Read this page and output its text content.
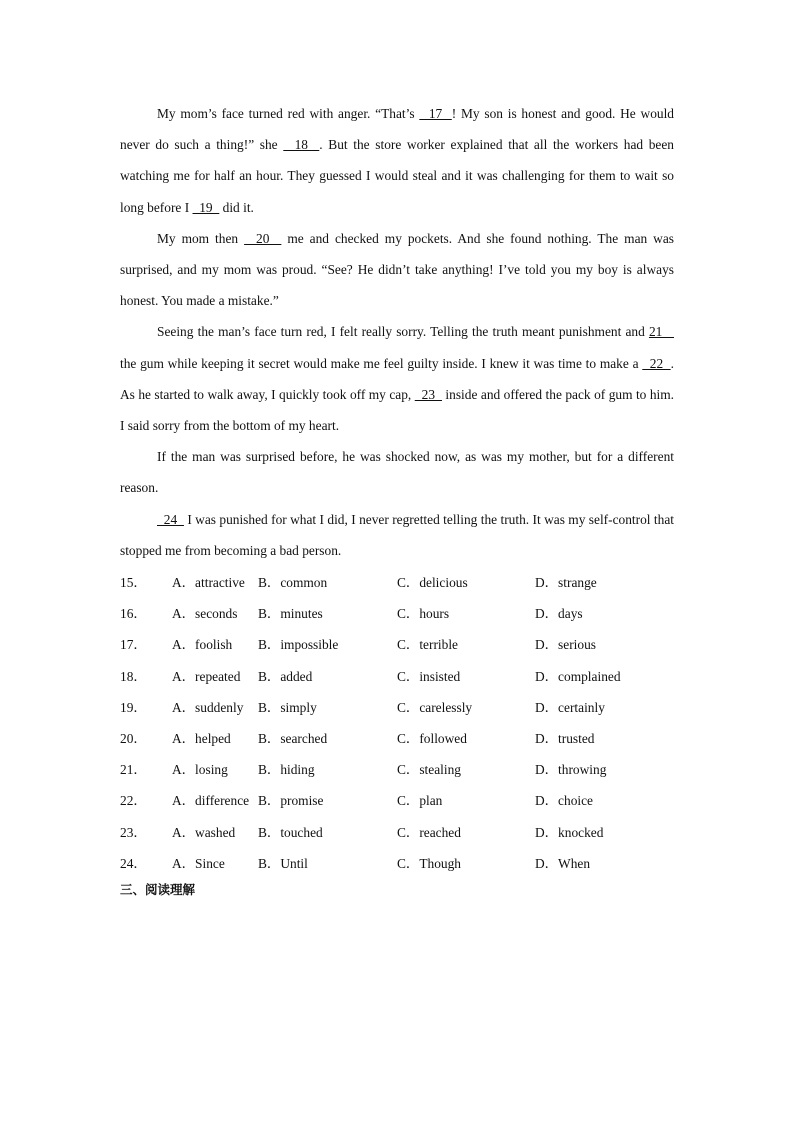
My mom’s face turned red with anger. “That’s   17  ! My son is honest and good. He would never do such a thing!” she   18  . But the store worker explained that all the workers had been watching me for half an hour. They guessed I would steal and it was challenging for them to wait so long before I   19   did it.

My mom then   20   me and checked my pockets. And she found nothing. The man was surprised, and my mom was proud. “See? He didn’t take anything! I’ve told you my boy is always honest. You made a mistake.”

Seeing the man’s face turn red, I felt really sorry. Telling the truth meant punishment and 21    the gum while keeping it secret would make me feel guilty inside. I knew it was time to make a   22  . As he started to walk away, I quickly took off my cap,   23   inside and offered the pack of gum to him. I said sorry from the bottom of my heart.

If the man was surprised before, he was shocked now, as was my mother, but for a different reason.

24   I was punished for what I did, I never regretted telling the truth. It was my self-control that stopped me from becoming a bad person.

15． A．attractive B．common	C．delicious	D．strange
16． A．seconds B．minutes	C．hours	D．days
17． A．foolish B．impossible	C．terrible	D．serious
18． A．repeated B．added	C．insisted	D．complained
19． A．suddenly B．simply	C．carelessly	D．certainly
20． A．helped B．searched	C．followed	D．trusted
21． A．losing B．hiding	C．stealing	D．throwing
22． A．difference B．promise	C．plan	D．choice
23． A．washed B．touched	C．reached	D．knocked
24． A．Since B．Until	C．Though	D．When
三、阅读理解
